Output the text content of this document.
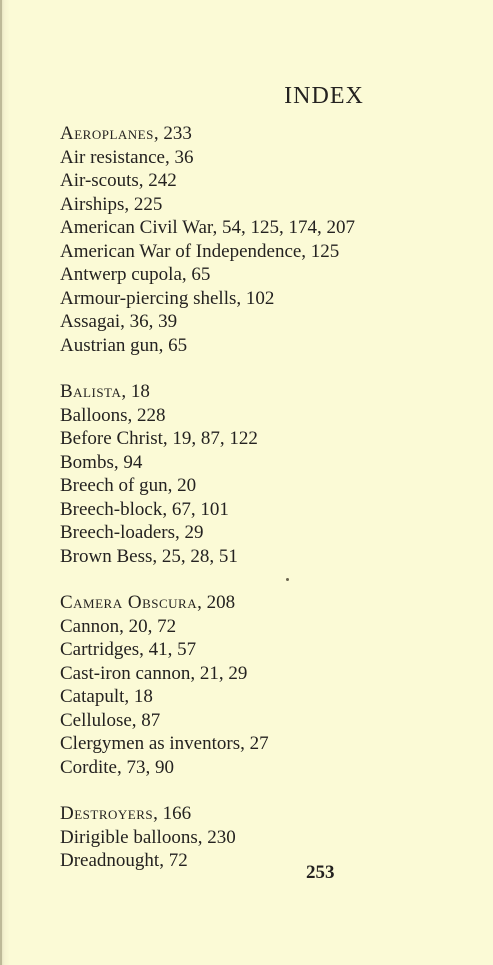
INDEX
Aeroplanes, 233
Air resistance, 36
Air-scouts, 242
Airships, 225
American Civil War, 54, 125, 174, 207
American War of Independence, 125
Antwerp cupola, 65
Armour-piercing shells, 102
Assagai, 36, 39
Austrian gun, 65
Balista, 18
Balloons, 228
Before Christ, 19, 87, 122
Bombs, 94
Breech of gun, 20
Breech-block, 67, 101
Breech-loaders, 29
Brown Bess, 25, 28, 51
Camera Obscura, 208
Cannon, 20, 72
Cartridges, 41, 57
Cast-iron cannon, 21, 29
Catapult, 18
Cellulose, 87
Clergymen as inventors, 27
Cordite, 73, 90
Destroyers, 166
Dirigible balloons, 230
Dreadnought, 72
253
